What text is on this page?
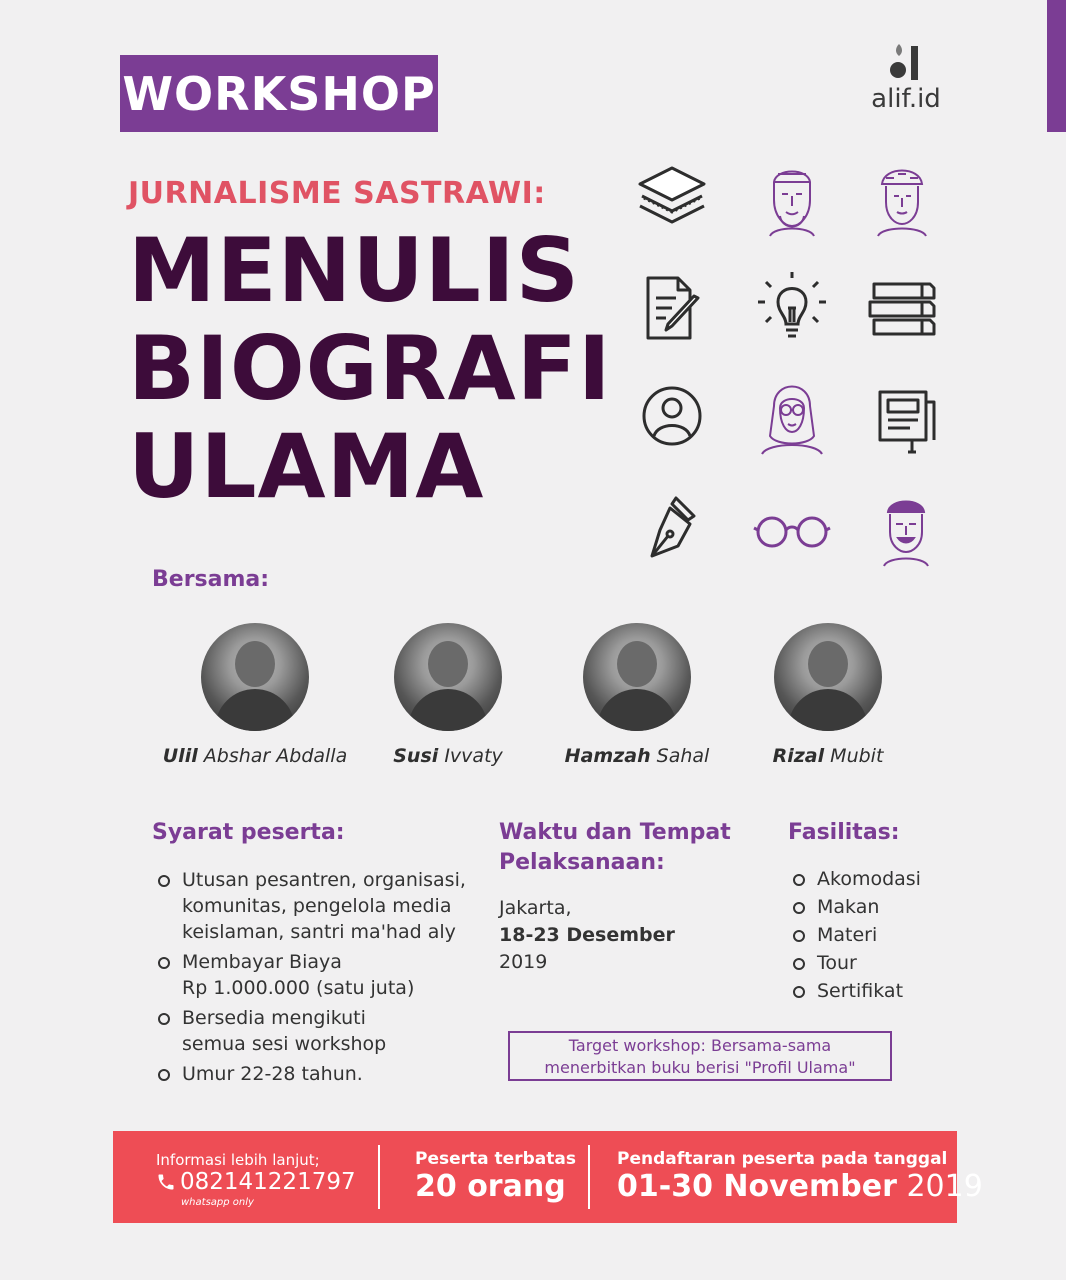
WORKSHOP	alif.id
JURNALISME SASTRAWI:
MENULIS
BIOGRAFI
ULAMA
Bersama:
Ulil Abshar Abdalla	Susi Ivvaty	Hamzah Sahal	Rizal Mubit
Syarat peserta:
Utusan pesantren, organisasi,
komunitas, pengelola media
keislaman, santri ma'had aly
Membayar Biaya
Rp 1.000.000 (satu juta)
Bersedia mengikuti
semua sesi workshop
Umur 22-28 tahun.
Waktu dan Tempat
Pelaksanaan:
Jakarta,
18-23 Desember
2019
Fasilitas:
Akomodasi
Makan
Materi
Tour
Sertifikat
Target workshop: Bersama-sama
menerbitkan buku berisi "Profil Ulama"
Informasi lebih lanjut;
082141221797
whatsapp only
Peserta terbatas
20 orang
Pendaftaran peserta pada tanggal
01-30 November 2019
